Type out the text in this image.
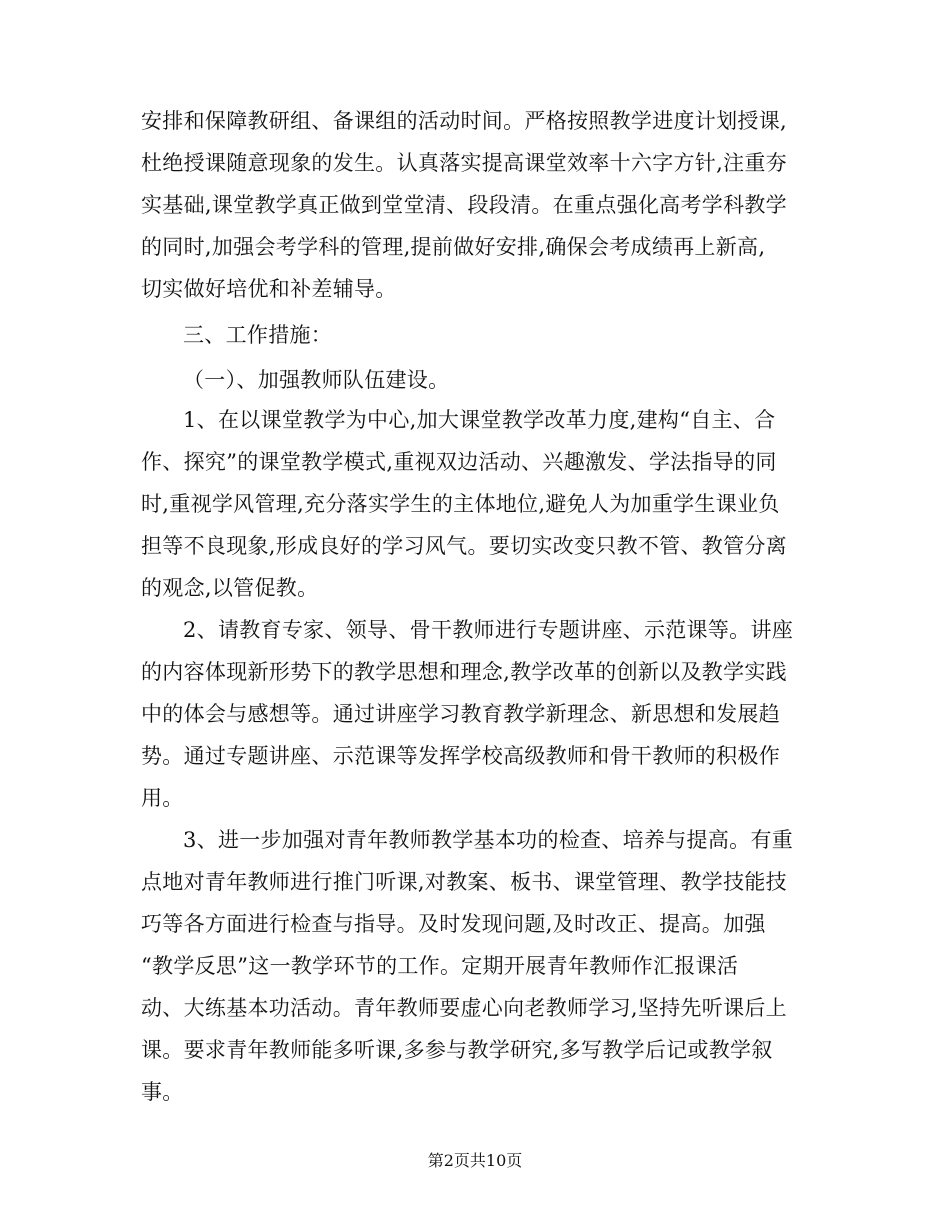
安排和保障教研组、备课组的活动时间。严格按照教学进度计划授课,
杜绝授课随意现象的发生。认真落实提高课堂效率十六字方针,注重夯
实基础,课堂教学真正做到堂堂清、段段清。在重点强化高考学科教学
的同时,加强会考学科的管理,提前做好安排,确保会考成绩再上新高,
切实做好培优和补差辅导。
三、工作措施：
（一）、加强教师队伍建设。
1、在以课堂教学为中心,加大课堂教学改革力度,建构“自主、合
作、探究”的课堂教学模式,重视双边活动、兴趣激发、学法指导的同
时,重视学风管理,充分落实学生的主体地位,避免人为加重学生课业负
担等不良现象,形成良好的学习风气。要切实改变只教不管、教管分离
的观念,以管促教。
2、请教育专家、领导、骨干教师进行专题讲座、示范课等。讲座
的内容体现新形势下的教学思想和理念,教学改革的创新以及教学实践
中的体会与感想等。通过讲座学习教育教学新理念、新思想和发展趋
势。通过专题讲座、示范课等发挥学校高级教师和骨干教师的积极作
用。
3、进一步加强对青年教师教学基本功的检查、培养与提高。有重
点地对青年教师进行推门听课,对教案、板书、课堂管理、教学技能技
巧等各方面进行检查与指导。及时发现问题,及时改正、提高。加强
“教学反思”这一教学环节的工作。定期开展青年教师作汇报课活
动、大练基本功活动。青年教师要虚心向老教师学习,坚持先听课后上
课。要求青年教师能多听课,多参与教学研究,多写教学后记或教学叙
事。
第2页共10页
